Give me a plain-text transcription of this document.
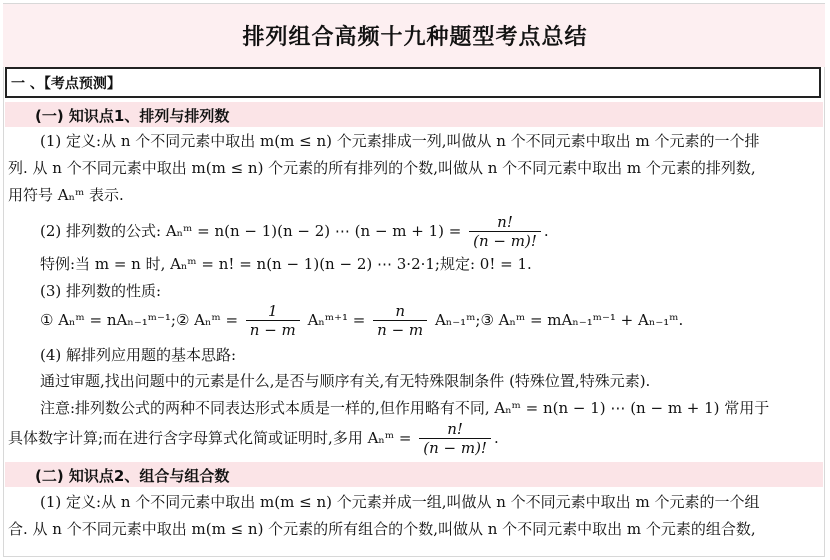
排列组合高频十九种题型考点总结
一 、【考点预测】
(一) 知识点1、排列与排列数
(1) 定义:从 n 个不同元素中取出 m(m ≤ n) 个元素排成一列,叫做从 n 个不同元素中取出 m 个元素的一个排
列. 从 n 个不同元素中取出 m(m ≤ n) 个元素的所有排列的个数,叫做从 n 个不同元素中取出 m 个元素的排列数,
用符号 Aₙᵐ 表示.
(2) 排列数的公式: Aₙᵐ = n(n − 1)(n − 2) ⋯ $(n - m + 1) = \frac{n!}{(n - m)!}$ .
特例:当 m = n 时, Aₙᵐ = n! = n(n − 1)(n − 2) ⋯ 3·2·1;规定: 0! = 1.
(3) 排列数的性质:
① Aₙᵐ = nAₙ₋₁ᵐ⁻¹;② Aₙᵐ = $\frac{1}{n - m}$ Aₙᵐ⁺¹ = $\frac{n}{n - m}$ Aₙ₋₁ᵐ;③ Aₙᵐ = mAₙ₋₁ᵐ⁻¹ + Aₙ₋₁ᵐ.
(4) 解排列应用题的基本思路:
通过审题,找出问题中的元素是什么,是否与顺序有关,有无特殊限制条件 (特殊位置,特殊元素).
注意:排列数公式的两种不同表达形式本质是一样的,但作用略有不同, Aₙᵐ = n(n − 1) ⋯ (n − m + 1) 常用于
具体数字计算;而在进行含字母算式化简或证明时,多用 Aₙᵐ = $\frac{n!}{(n - m)!}$ .
(二) 知识点2、组合与组合数
(1) 定义:从 n 个不同元素中取出 m(m ≤ n) 个元素并成一组,叫做从 n 个不同元素中取出 m 个元素的一个组
合. 从 n 个不同元素中取出 m(m ≤ n) 个元素的所有组合的个数,叫做从 n 个不同元素中取出 m 个元素的组合数,
